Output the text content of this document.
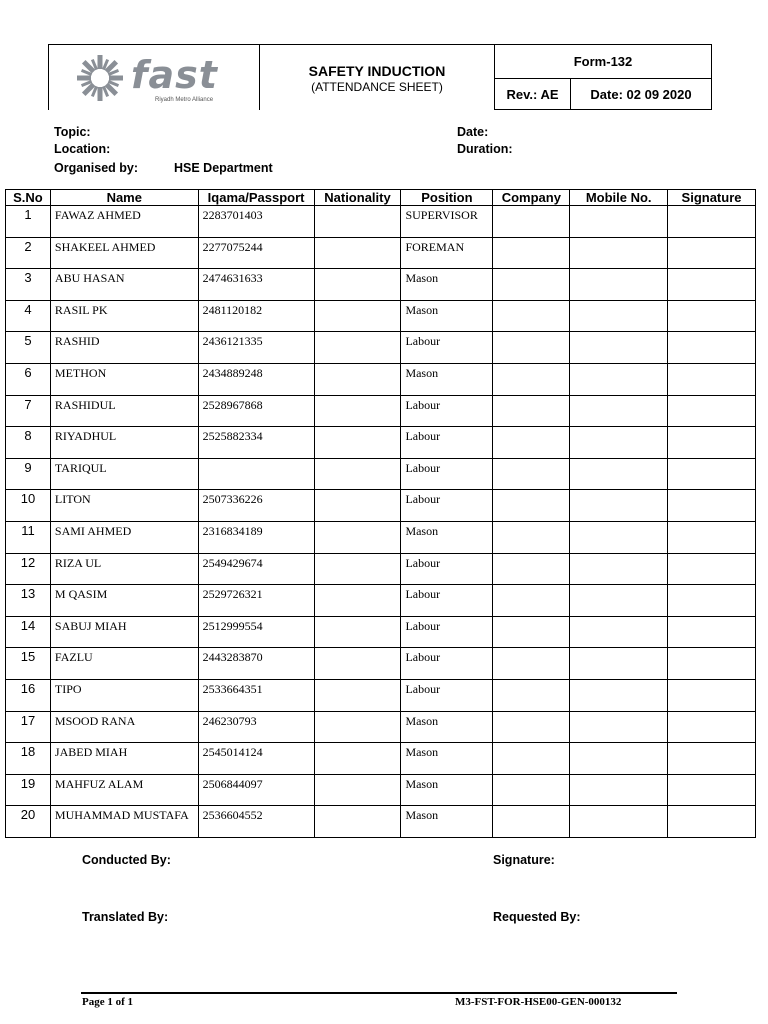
fast
Riyadh Metro Alliance
SAFETY INDUCTION
(ATTENDANCE SHEET)
Form-132
Rev.: AE	Date: 02 09 2020
Topic:
Location:
Organised by:	HSE Department
Date:
Duration:
S.No	Name	Iqama/Passport	Nationality	Position	Company	Mobile No.	Signature
1	FAWAZ AHMED	2283701403		SUPERVISOR			
2	SHAKEEL AHMED	2277075244		FOREMAN			
3	ABU HASAN	2474631633		Mason			
4	RASIL PK	2481120182		Mason			
5	RASHID	2436121335		Labour			
6	METHON	2434889248		Mason			
7	RASHIDUL	2528967868		Labour			
8	RIYADHUL	2525882334		Labour			
9	TARIQUL			Labour			
10	LITON	2507336226		Labour			
11	SAMI AHMED	2316834189		Mason			
12	RIZA UL	2549429674		Labour			
13	M QASIM	2529726321		Labour			
14	SABUJ MIAH	2512999554		Labour			
15	FAZLU	2443283870		Labour			
16	TIPO	2533664351		Labour			
17	MSOOD RANA	246230793		Mason			
18	JABED MIAH	2545014124		Mason			
19	MAHFUZ ALAM	2506844097		Mason			
20	MUHAMMAD MUSTAFA	2536604552		Mason			
Conducted By:	Signature:
Translated By:	Requested By:
Page 1 of 1	M3-FST-FOR-HSE00-GEN-000132
